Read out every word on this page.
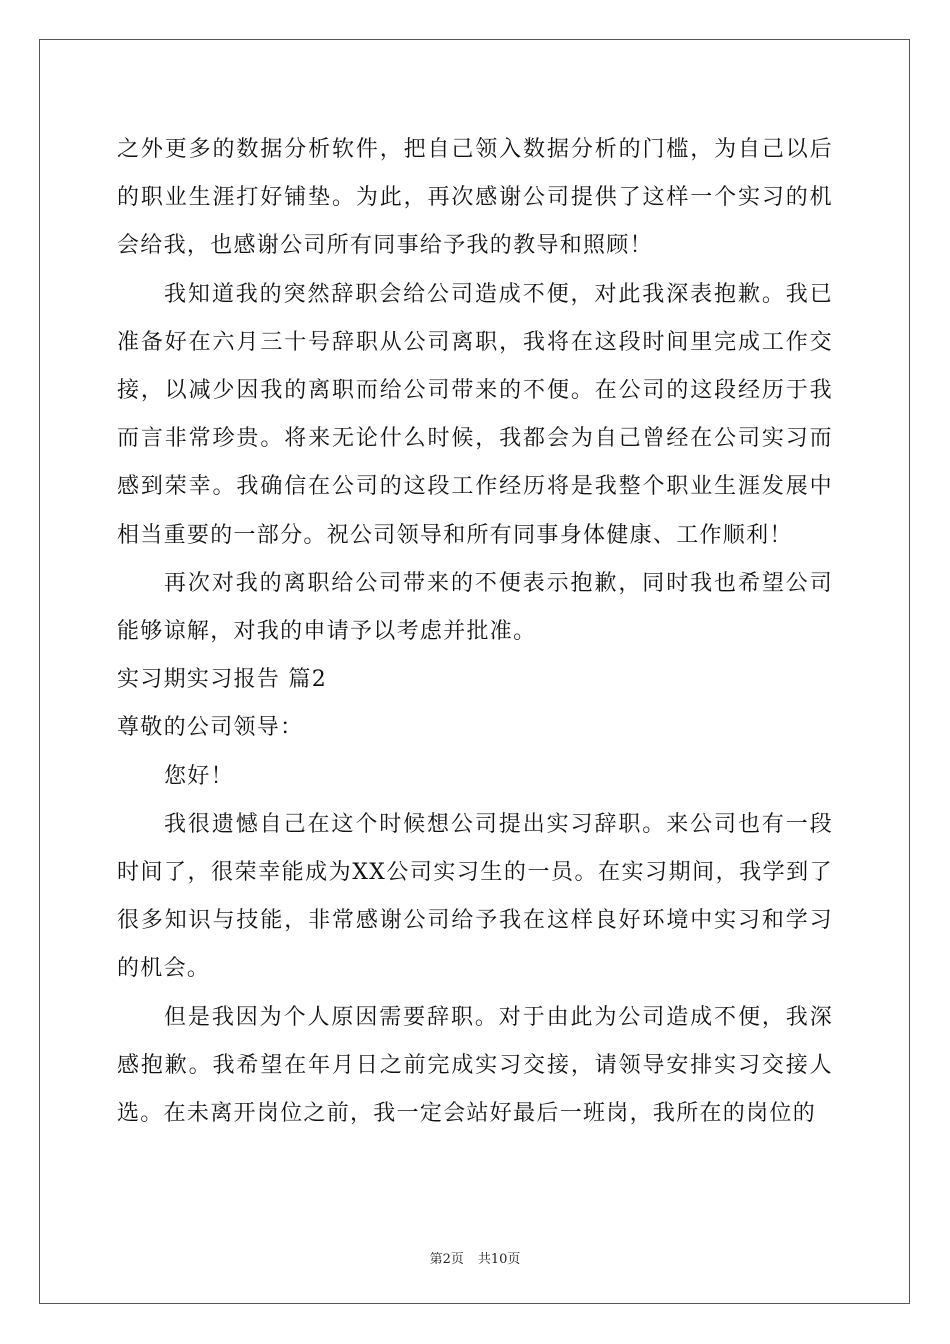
之外更多的数据分析软件，把自己领入数据分析的门槛，为自己以后的职业生涯打好铺垫。为此，再次感谢公司提供了这样一个实习的机会给我，也感谢公司所有同事给予我的教导和照顾！

我知道我的突然辞职会给公司造成不便，对此我深表抱歉。我已准备好在六月三十号辞职从公司离职，我将在这段时间里完成工作交接，以减少因我的离职而给公司带来的不便。在公司的这段经历于我而言非常珍贵。将来无论什么时候，我都会为自己曾经在公司实习而感到荣幸。我确信在公司的这段工作经历将是我整个职业生涯发展中相当重要的一部分。祝公司领导和所有同事身体健康、工作顺利！

再次对我的离职给公司带来的不便表示抱歉，同时我也希望公司能够谅解，对我的申请予以考虑并批准。

实习期实习报告 篇2

尊敬的公司领导：

您好！

我很遗憾自己在这个时候想公司提出实习辞职。来公司也有一段时间了，很荣幸能成为XX公司实习生的一员。在实习期间，我学到了很多知识与技能，非常感谢公司给予我在这样良好环境中实习和学习的机会。

但是我因为个人原因需要辞职。对于由此为公司造成不便，我深感抱歉。我希望在年月日之前完成实习交接，请领导安排实习交接人选。在未离开岗位之前，我一定会站好最后一班岗，我所在的岗位的

第2页 共10页
